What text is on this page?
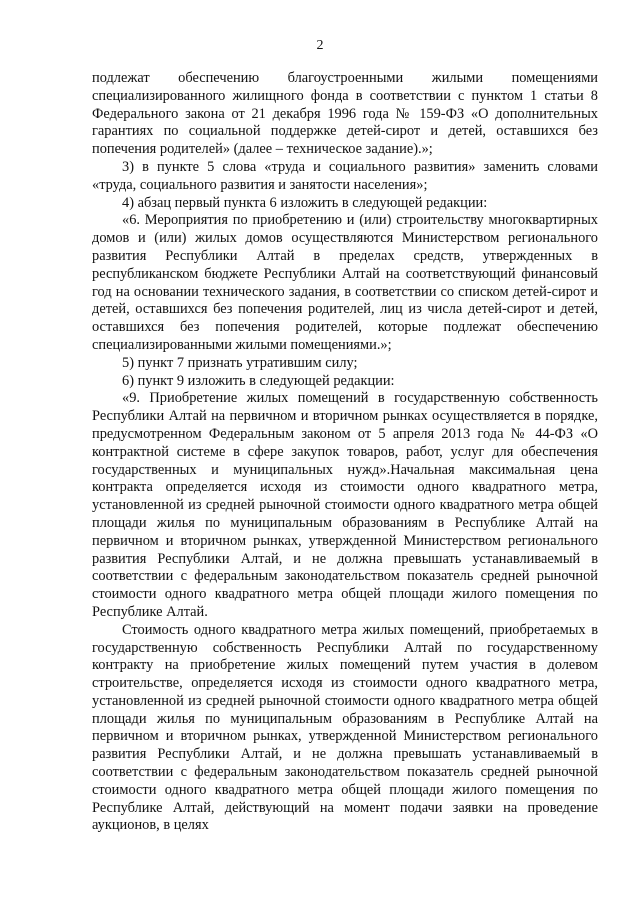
2

подлежат обеспечению благоустроенными жилыми помещениями специализированного жилищного фонда в соответствии с пунктом 1 статьи 8 Федерального закона от 21 декабря 1996 года № 159-ФЗ «О дополнительных гарантиях по социальной поддержке детей-сирот и детей, оставшихся без попечения родителей» (далее – техническое задание).»;

3) в пункте 5 слова «труда и социального развития» заменить словами «труда, социального развития и занятости населения»;

4) абзац первый пункта 6 изложить в следующей редакции:

«6. Мероприятия по приобретению и (или) строительству многоквартирных домов и (или) жилых домов осуществляются Министерством регионального развития Республики Алтай в пределах средств, утвержденных в республиканском бюджете Республики Алтай на соответствующий финансовый год на основании технического задания, в соответствии со списком детей-сирот и детей, оставшихся без попечения родителей, лиц из числа детей-сирот и детей, оставшихся без попечения родителей, которые подлежат обеспечению специализированными жилыми помещениями.»;

5) пункт 7 признать утратившим силу;

6) пункт 9 изложить в следующей редакции:

«9. Приобретение жилых помещений в государственную собственность Республики Алтай на первичном и вторичном рынках осуществляется в порядке, предусмотренном Федеральным законом от 5 апреля 2013 года № 44-ФЗ «О контрактной системе в сфере закупок товаров, работ, услуг для обеспечения государственных и муниципальных нужд».Начальная максимальная цена контракта определяется исходя из стоимости одного квадратного метра, установленной из средней рыночной стоимости одного квадратного метра общей площади жилья по муниципальным образованиям в Республике Алтай на первичном и вторичном рынках, утвержденной Министерством регионального развития Республики Алтай, и не должна превышать устанавливаемый в соответствии с федеральным законодательством показатель средней рыночной стоимости одного квадратного метра общей площади жилого помещения по Республике Алтай.

Стоимость одного квадратного метра жилых помещений, приобретаемых в государственную собственность Республики Алтай по государственному контракту на приобретение жилых помещений путем участия в долевом строительстве, определяется исходя из стоимости одного квадратного метра, установленной из средней рыночной стоимости одного квадратного метра общей площади жилья по муниципальным образованиям в Республике Алтай на первичном и вторичном рынках, утвержденной Министерством регионального развития Республики Алтай, и не должна превышать устанавливаемый в соответствии с федеральным законодательством показатель средней рыночной стоимости одного квадратного метра общей площади жилого помещения по Республике Алтай, действующий на момент подачи заявки на проведение аукционов, в целях
